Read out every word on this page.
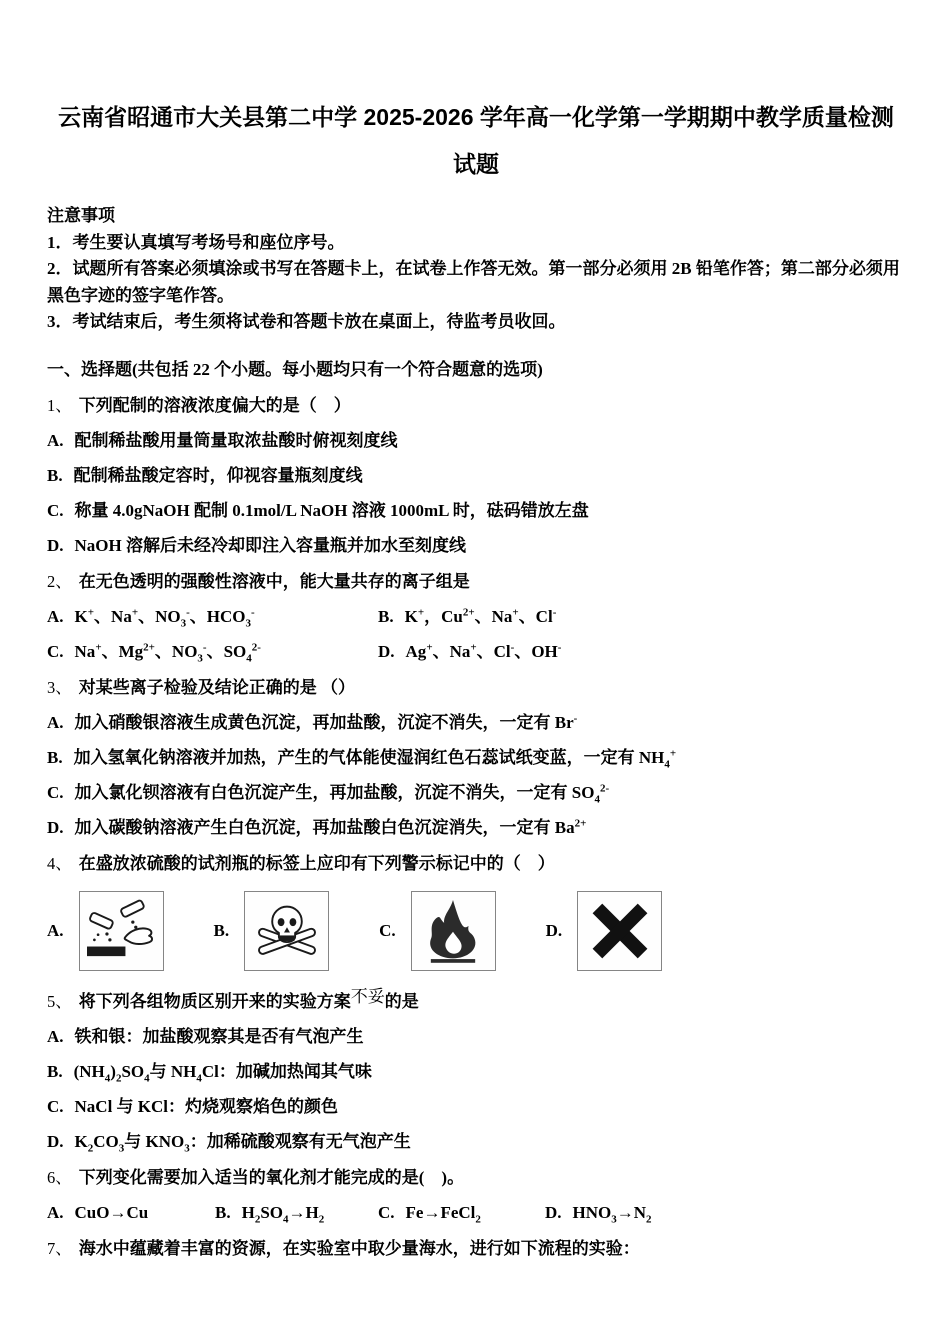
云南省昭通市大关县第二中学 2025-2026 学年高一化学第一学期期中教学质量检测试题

注意事项

1．考生要认真填写考场号和座位序号。

2．试题所有答案必须填涂或书写在答题卡上，在试卷上作答无效。第一部分必须用 2B 铅笔作答；第二部分必须用黑色字迹的签字笔作答。

3．考试结束后，考生须将试卷和答题卡放在桌面上，待监考员收回。

一、选择题(共包括 22 个小题。每小题均只有一个符合题意的选项)

1、 下列配制的溶液浓度偏大的是（　）

A. 配制稀盐酸用量筒量取浓盐酸时俯视刻度线

B. 配制稀盐酸定容时，仰视容量瓶刻度线

C. 称量 4.0gNaOH 配制 0.1mol/L NaOH 溶液 1000mL 时，砝码错放左盘

D. NaOH 溶解后未经冷却即注入容量瓶并加水至刻度线

2、 在无色透明的强酸性溶液中，能大量共存的离子组是

A. K+、Na+、$NO_3^-$、$HCO_3^-$	B. K+，$Cu^{2+}$、Na+、Cl-

C. Na+、$Mg^{2+}$、$NO_3^-$、$SO_4^{2-}$	D. Ag+、Na+、Cl-、OH-

3、 对某些离子检验及结论正确的是 （）

A. 加入硝酸银溶液生成黄色沉淀，再加盐酸，沉淀不消失，一定有 Br-

B. 加入氢氧化钠溶液并加热，产生的气体能使湿润红色石蕊试纸变蓝，一定有 $NH_4^+$

C. 加入氯化钡溶液有白色沉淀产生，再加盐酸，沉淀不消失，一定有 $SO_4^{2-}$

D. 加入碳酸钠溶液产生白色沉淀，再加盐酸白色沉淀消失，一定有 $Ba^{2+}$

4、 在盛放浓硫酸的试剂瓶的标签上应印有下列警示标记中的（　）

A.	B.	C.	D.

5、 将下列各组物质区别开来的实验方案不妥的是

A. 铁和银：加盐酸观察其是否有气泡产生

B. $(NH_4)_2SO_4$与 $NH_4Cl$：加碱加热闻其气味

C. NaCl 与 KCl：灼烧观察焰色的颜色

D. $K_2CO_3$与 $KNO_3$：加稀硫酸观察有无气泡产生

6、 下列变化需要加入适当的氧化剂才能完成的是(　)。

A. CuO→Cu	B. $H_2SO_4\to H_2$	C. Fe→FeCl$_2$	D. $HNO_3\to N_2$

7、 海水中蕴藏着丰富的资源，在实验室中取少量海水，进行如下流程的实验：
